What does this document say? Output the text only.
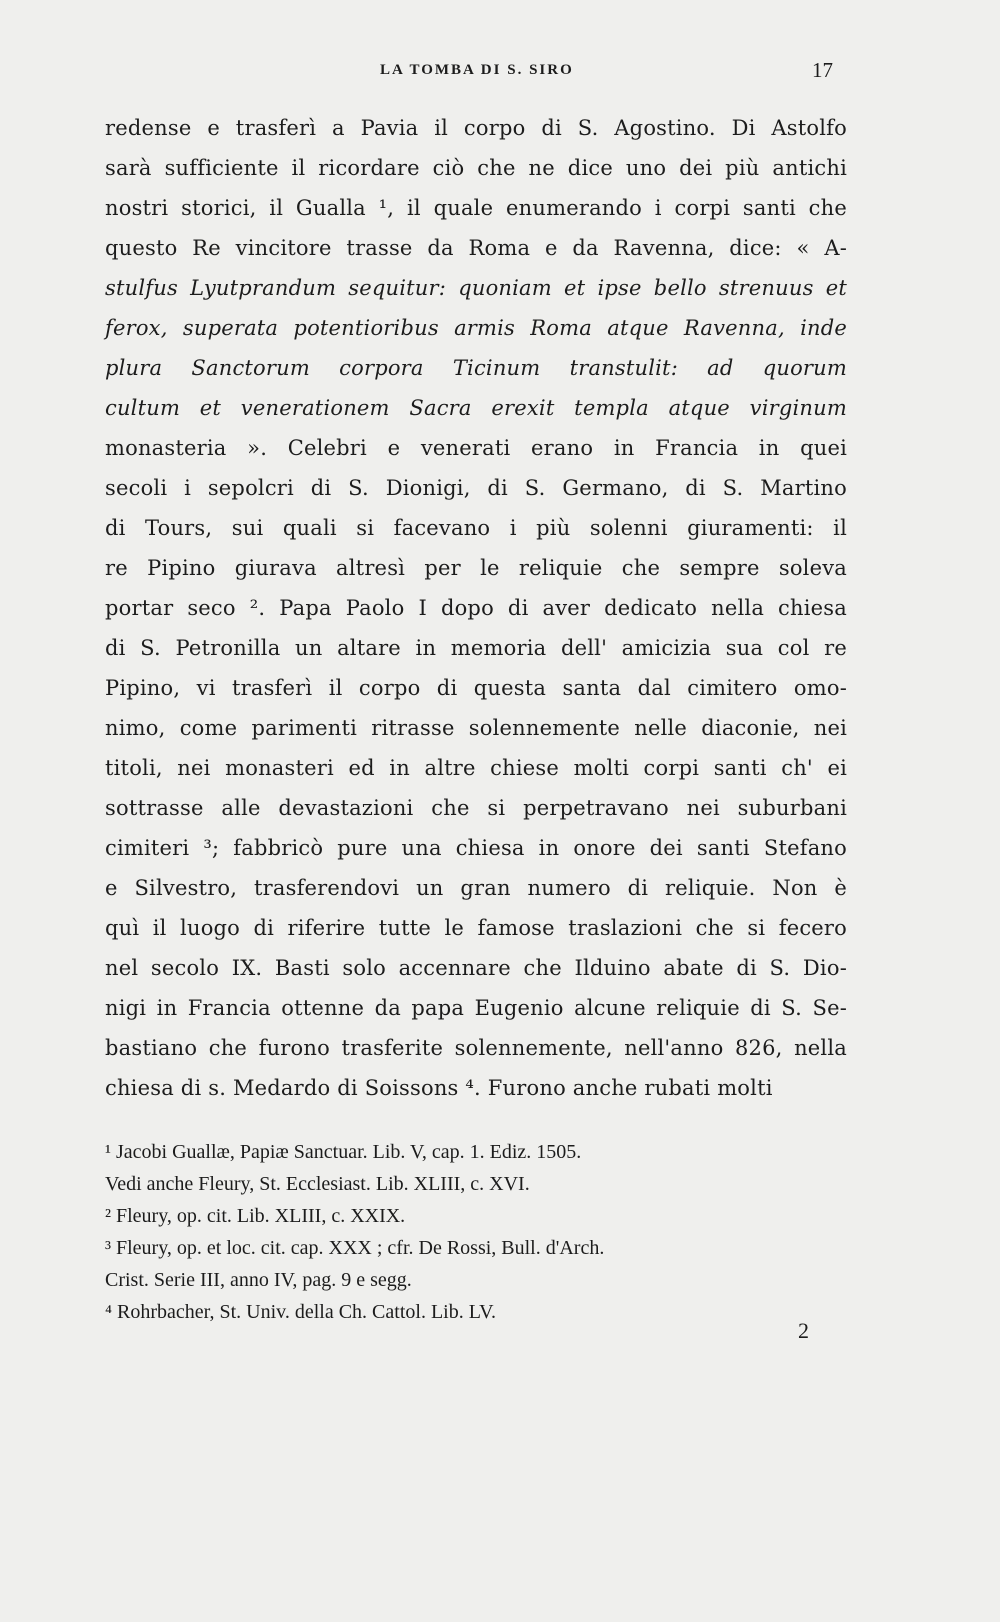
LA TOMBA DI S. SIRO	17
redense e trasferì a Pavia il corpo di S. Agostino. Di Astolfo
sarà sufficiente il ricordare ciò che ne dice uno dei più antichi
nostri storici, il Gualla ¹, il quale enumerando i corpi santi che
questo Re vincitore trasse da Roma e da Ravenna, dice: « A-
stulfus Lyutprandum sequitur: quoniam et ipse bello strenuus et
ferox, superata potentioribus armis Roma atque Ravenna, inde
plura Sanctorum corpora Ticinum transtulit: ad quorum
cultum et venerationem Sacra erexit templa atque virginum
monasteria ». Celebri e venerati erano in Francia in quei
secoli i sepolcri di S. Dionigi, di S. Germano, di S. Martino
di Tours, sui quali si facevano i più solenni giuramenti: il
re Pipino giurava altresì per le reliquie che sempre soleva
portar seco ². Papa Paolo I dopo di aver dedicato nella chiesa
di S. Petronilla un altare in memoria dell' amicizia sua col re
Pipino, vi trasferì il corpo di questa santa dal cimitero omo-
nimo, come parimenti ritrasse solennemente nelle diaconie, nei
titoli, nei monasteri ed in altre chiese molti corpi santi ch' ei
sottrasse alle devastazioni che si perpetravano nei suburbani
cimiteri ³; fabbricò pure una chiesa in onore dei santi Stefano
e Silvestro, trasferendovi un gran numero di reliquie. Non è
quì il luogo di riferire tutte le famose traslazioni che si fecero
nel secolo IX. Basti solo accennare che Ilduino abate di S. Dio-
nigi in Francia ottenne da papa Eugenio alcune reliquie di S. Se-
bastiano che furono trasferite solennemente, nell'anno 826, nella
chiesa di s. Medardo di Soissons ⁴. Furono anche rubati molti
¹ Jacobi Guallæ, Papiæ Sanctuar. Lib. V, cap. 1. Ediz. 1505.
Vedi anche Fleury, St. Ecclesiast. Lib. XLIII, c. XVI.
² Fleury, op. cit. Lib. XLIII, c. XXIX.
³ Fleury, op. et loc. cit. cap. XXX ; cfr. De Rossi, Bull. d'Arch.
Crist. Serie III, anno IV, pag. 9 e segg.
⁴ Rohrbacher, St. Univ. della Ch. Cattol. Lib. LV.
2
